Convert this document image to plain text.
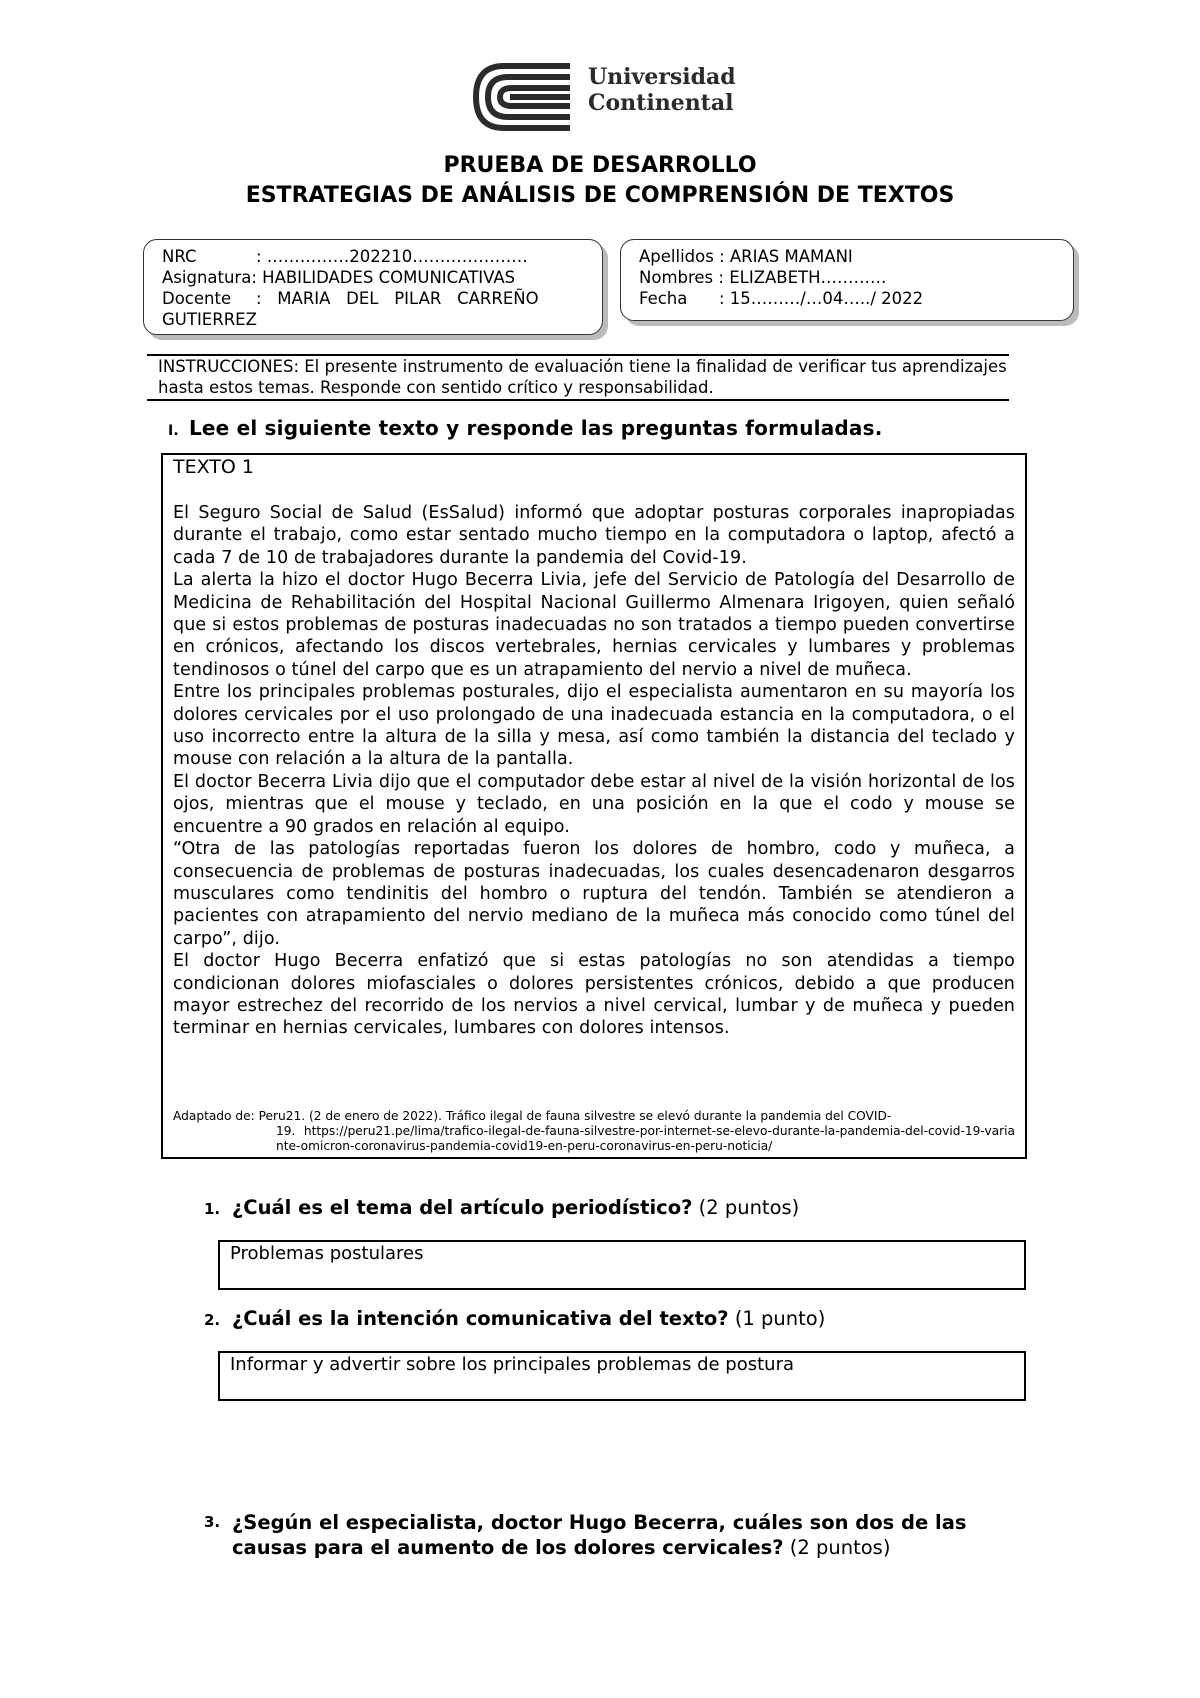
Universidad
Continental
PRUEBA DE DESARROLLO
ESTRATEGIAS DE ANÁLISIS DE COMPRENSIÓN DE TEXTOS
NRC	: ……………202210…………………
Asignatura:
HABILIDADES COMUNICATIVAS
Docente	:   MARIA   DEL   PILAR   CARREÑO
GUTIERREZ
Apellidos
: ARIAS MAMANI
Nombres
: ELIZABETH…………
Fecha	: 15………/…04…../ 2022
INSTRUCCIONES: El presente instrumento de evaluación tiene la finalidad de verificar tus aprendizajes hasta estos temas. Responde con sentido crítico y responsabilidad.
I. Lee el siguiente texto y responde las preguntas formuladas.
TEXTO 1

El Seguro Social de Salud (EsSalud) informó que adoptar posturas corporales inapropiadas durante el trabajo, como estar sentado mucho tiempo en la computadora o laptop, afectó a cada 7 de 10 de trabajadores durante la pandemia del Covid-19.

La alerta la hizo el doctor Hugo Becerra Livia, jefe del Servicio de Patología del Desarrollo de Medicina de Rehabilitación del Hospital Nacional Guillermo Almenara Irigoyen, quien señaló que si estos problemas de posturas inadecuadas no son tratados a tiempo pueden convertirse en crónicos, afectando los discos vertebrales, hernias cervicales y lumbares y problemas tendinosos o túnel del carpo que es un atrapamiento del nervio a nivel de muñeca.

Entre los principales problemas posturales, dijo el especialista aumentaron en su mayoría los dolores cervicales por el uso prolongado de una inadecuada estancia en la computadora, o el uso incorrecto entre la altura de la silla y mesa, así como también la distancia del teclado y mouse con relación a la altura de la pantalla.

El doctor Becerra Livia dijo que el computador debe estar al nivel de la visión horizontal de los ojos, mientras que el mouse y teclado, en una posición en la que el codo y mouse se encuentre a 90 grados en relación al equipo.

“Otra de las patologías reportadas fueron los dolores de hombro, codo y muñeca, a consecuencia de problemas de posturas inadecuadas, los cuales desencadenaron desgarros musculares como tendinitis del hombro o ruptura del tendón. También se atendieron a pacientes con atrapamiento del nervio mediano de la muñeca más conocido como túnel del carpo”, dijo.

El doctor Hugo Becerra enfatizó que si estas patologías no son atendidas a tiempo condicionan dolores miofasciales o dolores persistentes crónicos, debido a que producen mayor estrechez del recorrido de los nervios a nivel cervical, lumbar y de muñeca y pueden terminar en hernias cervicales, lumbares con dolores intensos.

Adaptado de: Peru21. (2 de enero de 2022). Tráfico ilegal de fauna silvestre se elevó durante la pandemia del COVID-
19. https://peru21.pe/lima/trafico-ilegal-de-fauna-silvestre-por-internet-se-elevo-durante-la-pandemia-del-covid-19-variante-omicron-coronavirus-pandemia-covid19-en-peru-coronavirus-en-peru-noticia/
1. ¿Cuál es el tema del artículo periodístico? (2 puntos)
Problemas postulares
2. ¿Cuál es la intención comunicativa del texto? (1 punto)
Informar y advertir sobre los principales problemas de postura
3. ¿Según el especialista, doctor Hugo Becerra, cuáles son dos de las causas para el aumento de los dolores cervicales? (2 puntos)
